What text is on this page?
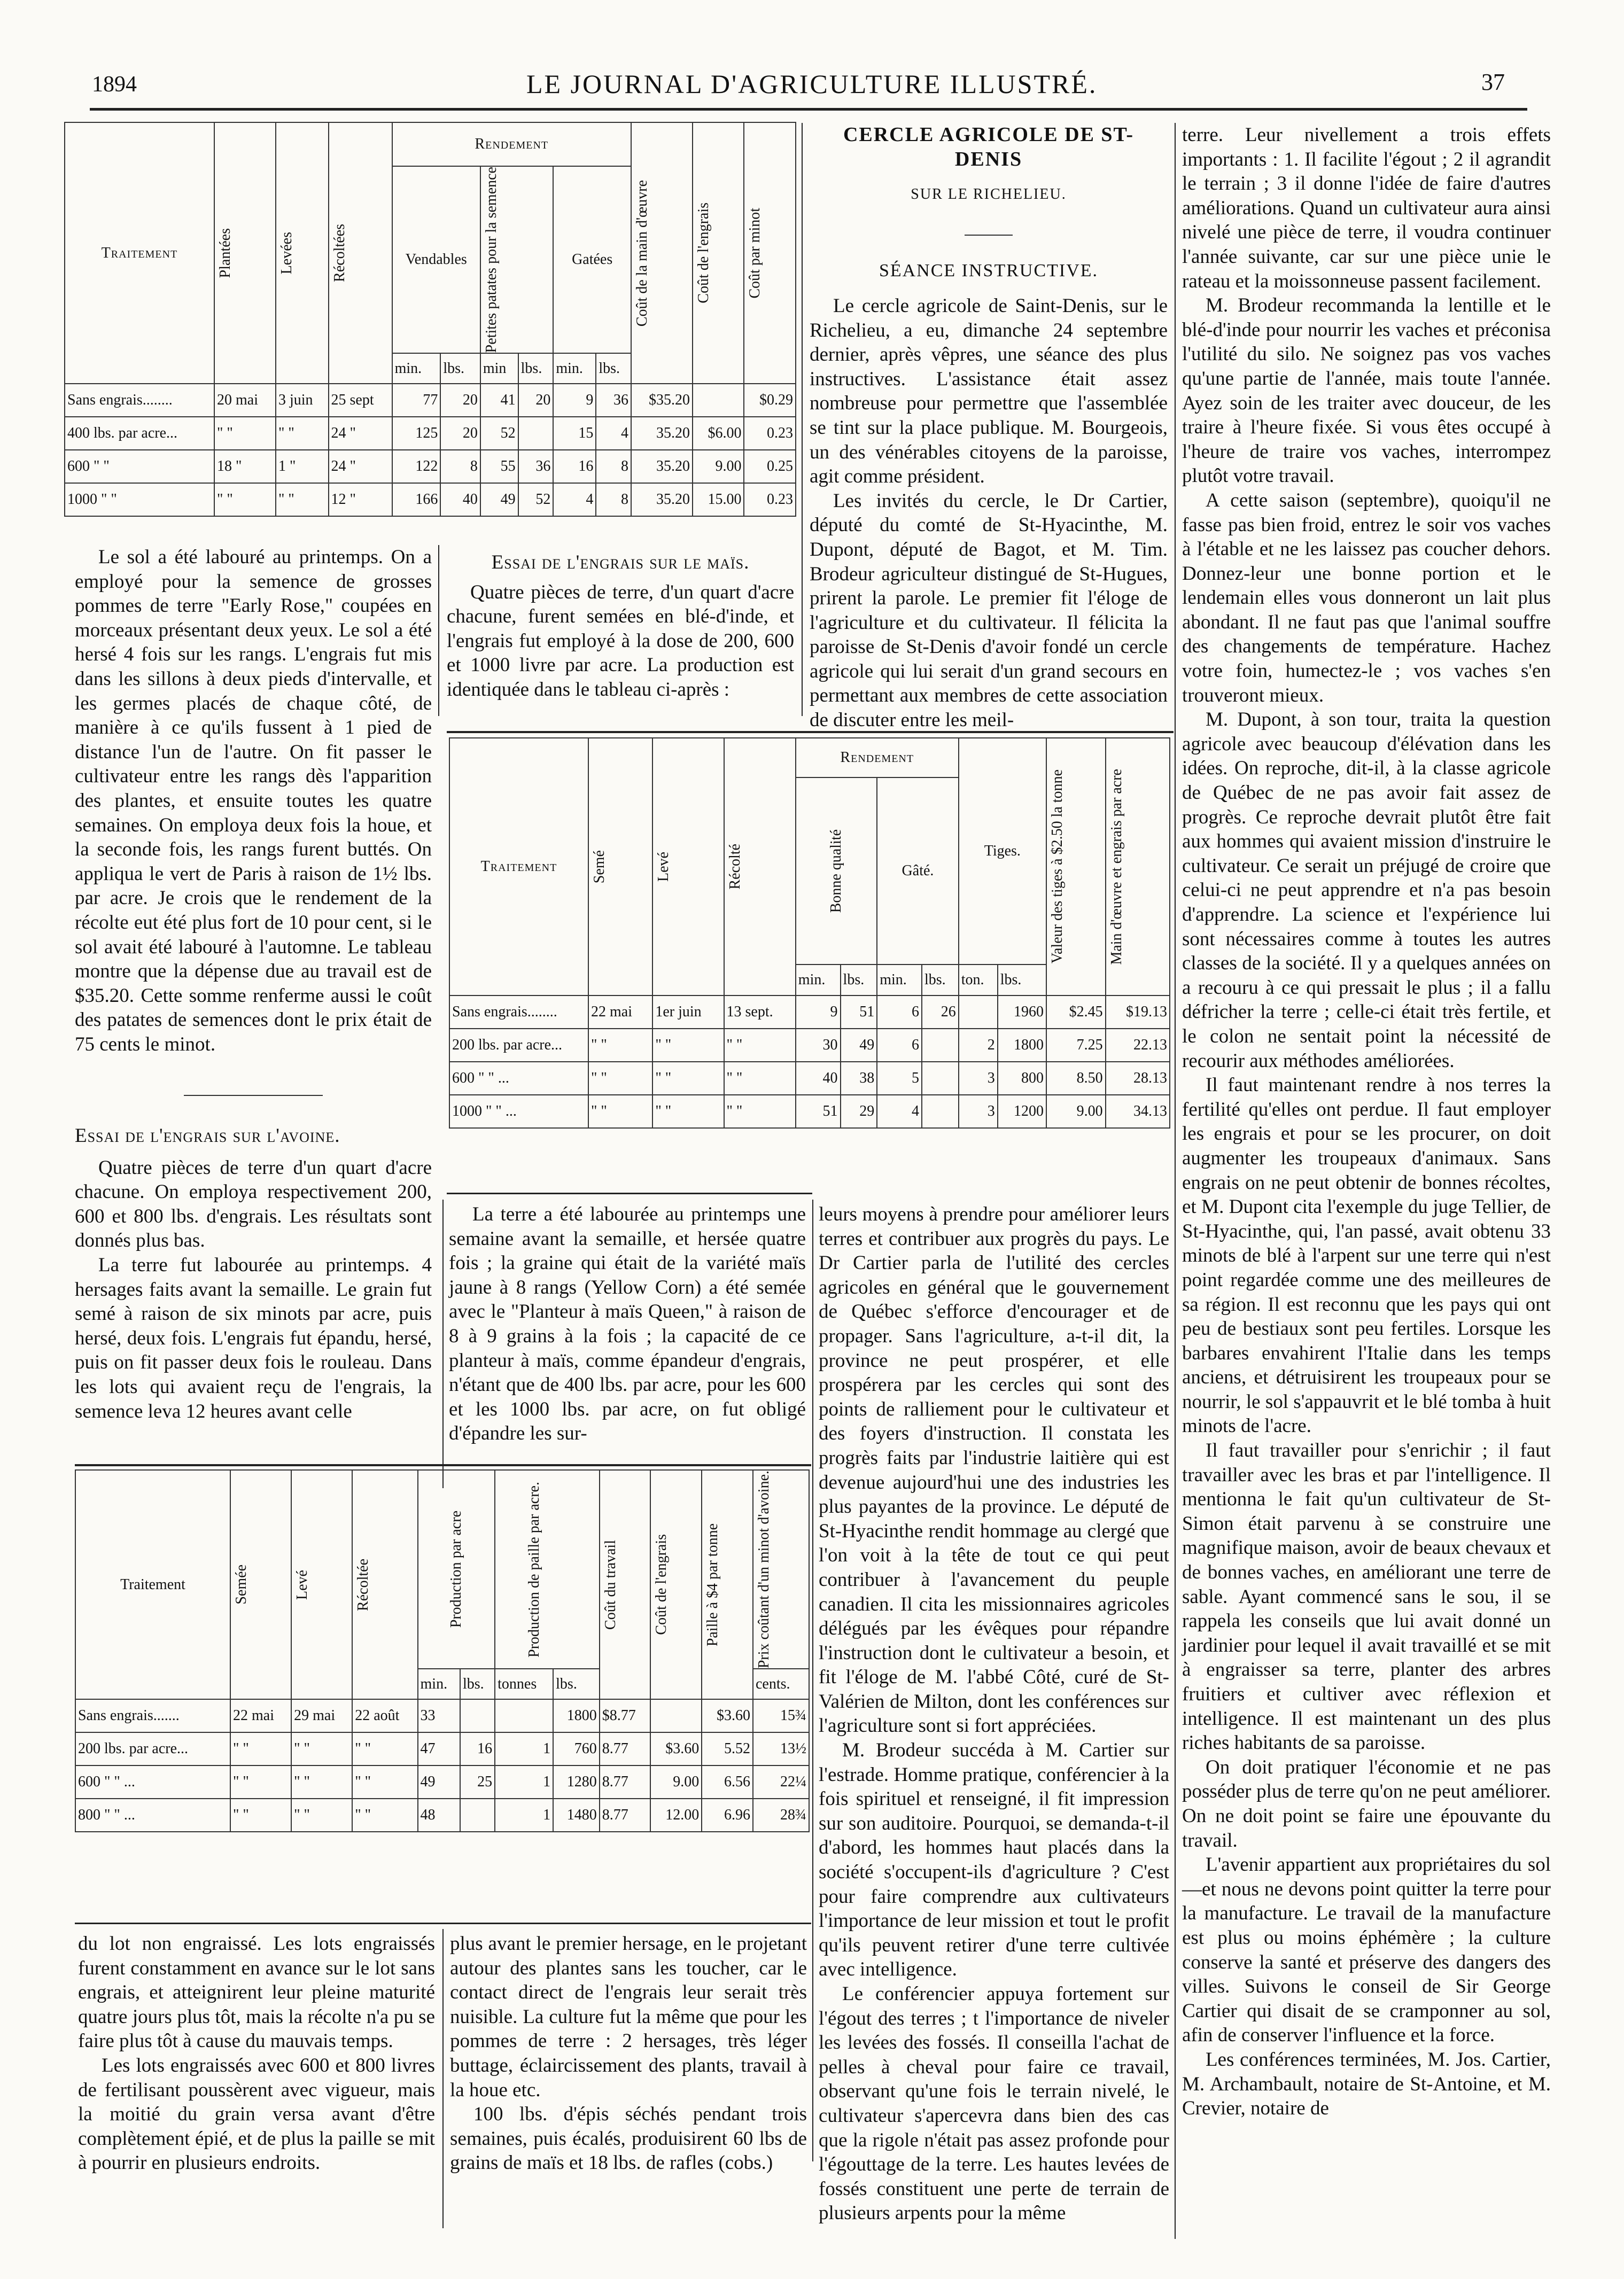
1894	LE JOURNAL D'AGRICULTURE ILLUSTRÉ.	37
Traitement	Plantées	Levées	Récoltées	Rendement						Coût de la main d'œuvre	Coût de l'engrais	Coût par minot

				Vendables		Petites patates pour la semence		Gatées				
				min.	lbs.	min	lbs.	min.	lbs.			
Sans engrais........	20 mai	3 juin	25 sept	77	20	41	20	9	36	$35.20		$0.29
400 lbs. par acre...	" "	" "	24 "	125	20	52		15	4	35.20	$6.00	0.23
600 " "	18 "	1 "	24 "	122	8	55	36	16	8	35.20	9.00	0.25
1000 " "	" "	" "	12 "	166	40	49	52	4	8	35.20	15.00	0.23

Le sol a été labouré au printemps. On a employé pour la semence de grosses pommes de terre "Early Rose," coupées en morceaux présentant deux yeux. Le sol a été hersé 4 fois sur les rangs. L'engrais fut mis dans les sillons à deux pieds d'intervalle, et les germes placés de chaque côté, de manière à ce qu'ils fussent à 1 pied de distance l'un de l'autre. On fit passer le cultivateur entre les rangs dès l'apparition des plantes, et ensuite toutes les quatre semaines. On employa deux fois la houe, et la seconde fois, les rangs furent buttés. On appliqua le vert de Paris à raison de 1½ lbs. par acre. Je crois que le rendement de la récolte eut été plus fort de 10 pour cent, si le sol avait été labouré à l'automne. Le tableau montre que la dépense due au travail est de $35.20. Cette somme renferme aussi le coût des patates de semences dont le prix était de 75 cents le minot.

Essai de l'engrais sur l'avoine.

Quatre pièces de terre d'un quart d'acre chacune. On employa respectivement 200, 600 et 800 lbs. d'engrais. Les résultats sont donnés plus bas.

La terre fut labourée au printemps. 4 hersages faits avant la semaille. Le grain fut semé à raison de six minots par acre, puis hersé, deux fois. L'engrais fut épandu, hersé, puis on fit passer deux fois le rouleau. Dans les lots qui avaient reçu de l'engrais, la semence leva 12 heures avant celle

Essai de l'engrais sur le maïs.

Quatre pièces de terre, d'un quart d'acre chacune, furent semées en blé-d'inde, et l'engrais fut employé à la dose de 200, 600 et 1000 livre par acre. La production est identiquée dans le tableau ci-après :

Traitement	Semé	Levé	Récolté	Rendement				Tiges.		Valeur des tiges à $2.50 la tonne	Main d'œuvre et engrais par acre

				Bonne qualité		Gâté.					
				min.	lbs.	min.	lbs.	ton.	lbs.		
Sans engrais........	22 mai	1er juin	13 sept.	9	51	6	26		1960	$2.45	$19.13
200 lbs. par acre...	" "	" "	" "	30	49	6		2	1800	7.25	22.13
600 " " ...	" "	" "	" "	40	38	5		3	800	8.50	28.13
1000 " " ...	" "	" "	" "	51	29	4		3	1200	9.00	34.13

CERCLE AGRICOLE DE ST-DENIS

SUR LE RICHELIEU.

SÉANCE INSTRUCTIVE.

Le cercle agricole de Saint-Denis, sur le Richelieu, a eu, dimanche 24 septembre dernier, après vêpres, une séance des plus instructives. L'assistance était assez nombreuse pour permettre que l'assemblée se tint sur la place publique. M. Bourgeois, un des vénérables citoyens de la paroisse, agit comme président.

Les invités du cercle, le Dr Cartier, député du comté de St-Hyacinthe, M. Dupont, député de Bagot, et M. Tim. Brodeur agriculteur distingué de St-Hugues, prirent la parole. Le premier fit l'éloge de l'agriculture et du cultivateur. Il félicita la paroisse de St-Denis d'avoir fondé un cercle agricole qui lui serait d'un grand secours en permettant aux membres de cette association de discuter entre les meil-

terre. Leur nivellement a trois effets importants : 1. Il facilite l'égout ; 2 il agrandit le terrain ; 3 il donne l'idée de faire d'autres améliorations. Quand un cultivateur aura ainsi nivelé une pièce de terre, il voudra continuer l'année suivante, car sur une pièce unie le rateau et la moissonneuse passent facilement.

M. Brodeur recommanda la lentille et le blé-d'inde pour nourrir les vaches et préconisa l'utilité du silo. Ne soignez pas vos vaches qu'une partie de l'année, mais toute l'année. Ayez soin de les traiter avec douceur, de les traire à l'heure fixée. Si vous êtes occupé à l'heure de traire vos vaches, interrompez plutôt votre travail.

A cette saison (septembre), quoiqu'il ne fasse pas bien froid, entrez le soir vos vaches à l'étable et ne les laissez pas coucher dehors. Donnez-leur une bonne portion et le lendemain elles vous donneront un lait plus abondant. Il ne faut pas que l'animal souffre des changements de température. Hachez votre foin, humectez-le ; vos vaches s'en trouveront mieux.

M. Dupont, à son tour, traita la question agricole avec beaucoup d'élévation dans les idées. On reproche, dit-il, à la classe agricole de Québec de ne pas avoir fait assez de progrès. Ce reproche devrait plutôt être fait aux hommes qui avaient mission d'instruire le cultivateur. Ce serait un préjugé de croire que celui-ci ne peut apprendre et n'a pas besoin d'apprendre. La science et l'expérience lui sont nécessaires comme à toutes les autres classes de la société. Il y a quelques années on a recouru à ce qui pressait le plus ; il a fallu défricher la terre ; celle-ci était très fertile, et le colon ne sentait point la nécessité de recourir aux méthodes améliorées.

Il faut maintenant rendre à nos terres la fertilité qu'elles ont perdue. Il faut employer les engrais et pour se les procurer, on doit augmenter les troupeaux d'animaux. Sans engrais on ne peut obtenir de bonnes récoltes, et M. Dupont cita l'exemple du juge Tellier, de St-Hyacinthe, qui, l'an passé, avait obtenu 33 minots de blé à l'arpent sur une terre qui n'est point regardée comme une des meilleures de sa région. Il est reconnu que les pays qui ont peu de bestiaux sont peu fertiles. Lorsque les barbares envahirent l'Italie dans les temps anciens, et détruisirent les troupeaux pour se nourrir, le sol s'appauvrit et le blé tomba à huit minots de l'acre.

Il faut travailler pour s'enrichir ; il faut travailler avec les bras et par l'intelligence. Il mentionna le fait qu'un cultivateur de St-Simon était parvenu à se construire une magnifique maison, avoir de beaux chevaux et de bonnes vaches, en améliorant une terre de sable. Ayant commencé sans le sou, il se rappela les conseils que lui avait donné un jardinier pour lequel il avait travaillé et se mit à engraisser sa terre, planter des arbres fruitiers et cultiver avec réflexion et intelligence. Il est maintenant un des plus riches habitants de sa paroisse.

On doit pratiquer l'économie et ne pas posséder plus de terre qu'on ne peut améliorer. On ne doit point se faire une épouvante du travail.

L'avenir appartient aux propriétaires du sol—et nous ne devons point quitter la terre pour la manufacture. Le travail de la manufacture est plus ou moins éphémère ; la culture conserve la santé et préserve des dangers des villes. Suivons le conseil de Sir George Cartier qui disait de se cramponner au sol, afin de conserver l'influence et la force.

Les conférences terminées, M. Jos. Cartier, M. Archambault, notaire de St-Antoine, et M. Crevier, notaire de

La terre a été labourée au printemps une semaine avant la semaille, et hersée quatre fois ; la graine qui était de la variété maïs jaune à 8 rangs (Yellow Corn) a été semée avec le "Planteur à maïs Queen," à raison de 8 à 9 grains à la fois ; la capacité de ce planteur à maïs, comme épandeur d'engrais, n'étant que de 400 lbs. par acre, pour les 600 et les 1000 lbs. par acre, on fut obligé d'épandre les sur-

leurs moyens à prendre pour améliorer leurs terres et contribuer aux progrès du pays. Le Dr Cartier parla de l'utilité des cercles agricoles en général que le gouvernement de Québec s'efforce d'encourager et de propager. Sans l'agriculture, a-t-il dit, la province ne peut prospérer, et elle prospérera par les cercles qui sont des points de ralliement pour le cultivateur et des foyers d'instruction. Il constata les progrès faits par l'industrie laitière qui est devenue aujourd'hui une des industries les plus payantes de la province. Le député de St-Hyacinthe rendit hommage au clergé que l'on voit à la tête de tout ce qui peut contribuer à l'avancement du peuple canadien. Il cita les missionnaires agricoles délégués par les évêques pour répandre l'instruction dont le cultivateur a besoin, et fit l'éloge de M. l'abbé Côté, curé de St-Valérien de Milton, dont les conférences sur l'agriculture sont si fort appréciées.

M. Brodeur succéda à M. Cartier sur l'estrade. Homme pratique, conférencier à la fois spirituel et renseigné, il fit impression sur son auditoire. Pourquoi, se demanda-t-il d'abord, les hommes haut placés dans la société s'occupent-ils d'agriculture ? C'est pour faire comprendre aux cultivateurs l'importance de leur mission et tout le profit qu'ils peuvent retirer d'une terre cultivée avec intelligence.

Le conférencier appuya fortement sur l'égout des terres ; t l'importance de niveler les levées des fossés. Il conseilla l'achat de pelles à cheval pour faire ce travail, observant qu'une fois le terrain nivelé, le cultivateur s'apercevra dans bien des cas que la rigole n'était pas assez profonde pour l'égouttage de la terre. Les hautes levées de fossés constituent une perte de terrain de plusieurs arpents pour la même

Traitement	Semée	Levé	Récoltée	Production par acre		Production de paille par acre.		Coût du travail	Coût de l'engrais	Paille à $4 par tonne	Prix coûtant d'un minot d'avoine.

				min.	lbs.	tonnes	lbs.				cents.
Sans engrais.......	22 mai	29 mai	22 août	33			1800	$8.77		$3.60	15¾
200 lbs. par acre...	" "	" "	" "	47	16	1	760	8.77	$3.60	5.52	13½
600 " " ...	" "	" "	" "	49	25	1	1280	8.77	9.00	6.56	22¼
800 " " ...	" "	" "	" "	48		1	1480	8.77	12.00	6.96	28¾

du lot non engraissé. Les lots engraissés furent constamment en avance sur le lot sans engrais, et atteignirent leur pleine maturité quatre jours plus tôt, mais la récolte n'a pu se faire plus tôt à cause du mauvais temps.

Les lots engraissés avec 600 et 800 livres de fertilisant poussèrent avec vigueur, mais la moitié du grain versa avant d'être complètement épié, et de plus la paille se mit à pourrir en plusieurs endroits.

plus avant le premier hersage, en le projetant autour des plantes sans les toucher, car le contact direct de l'engrais leur serait très nuisible. La culture fut la même que pour les pommes de terre : 2 hersages, très léger buttage, éclaircissement des plants, travail à la houe etc.

100 lbs. d'épis séchés pendant trois semaines, puis écalés, produisirent 60 lbs de grains de maïs et 18 lbs. de rafles (cobs.)
